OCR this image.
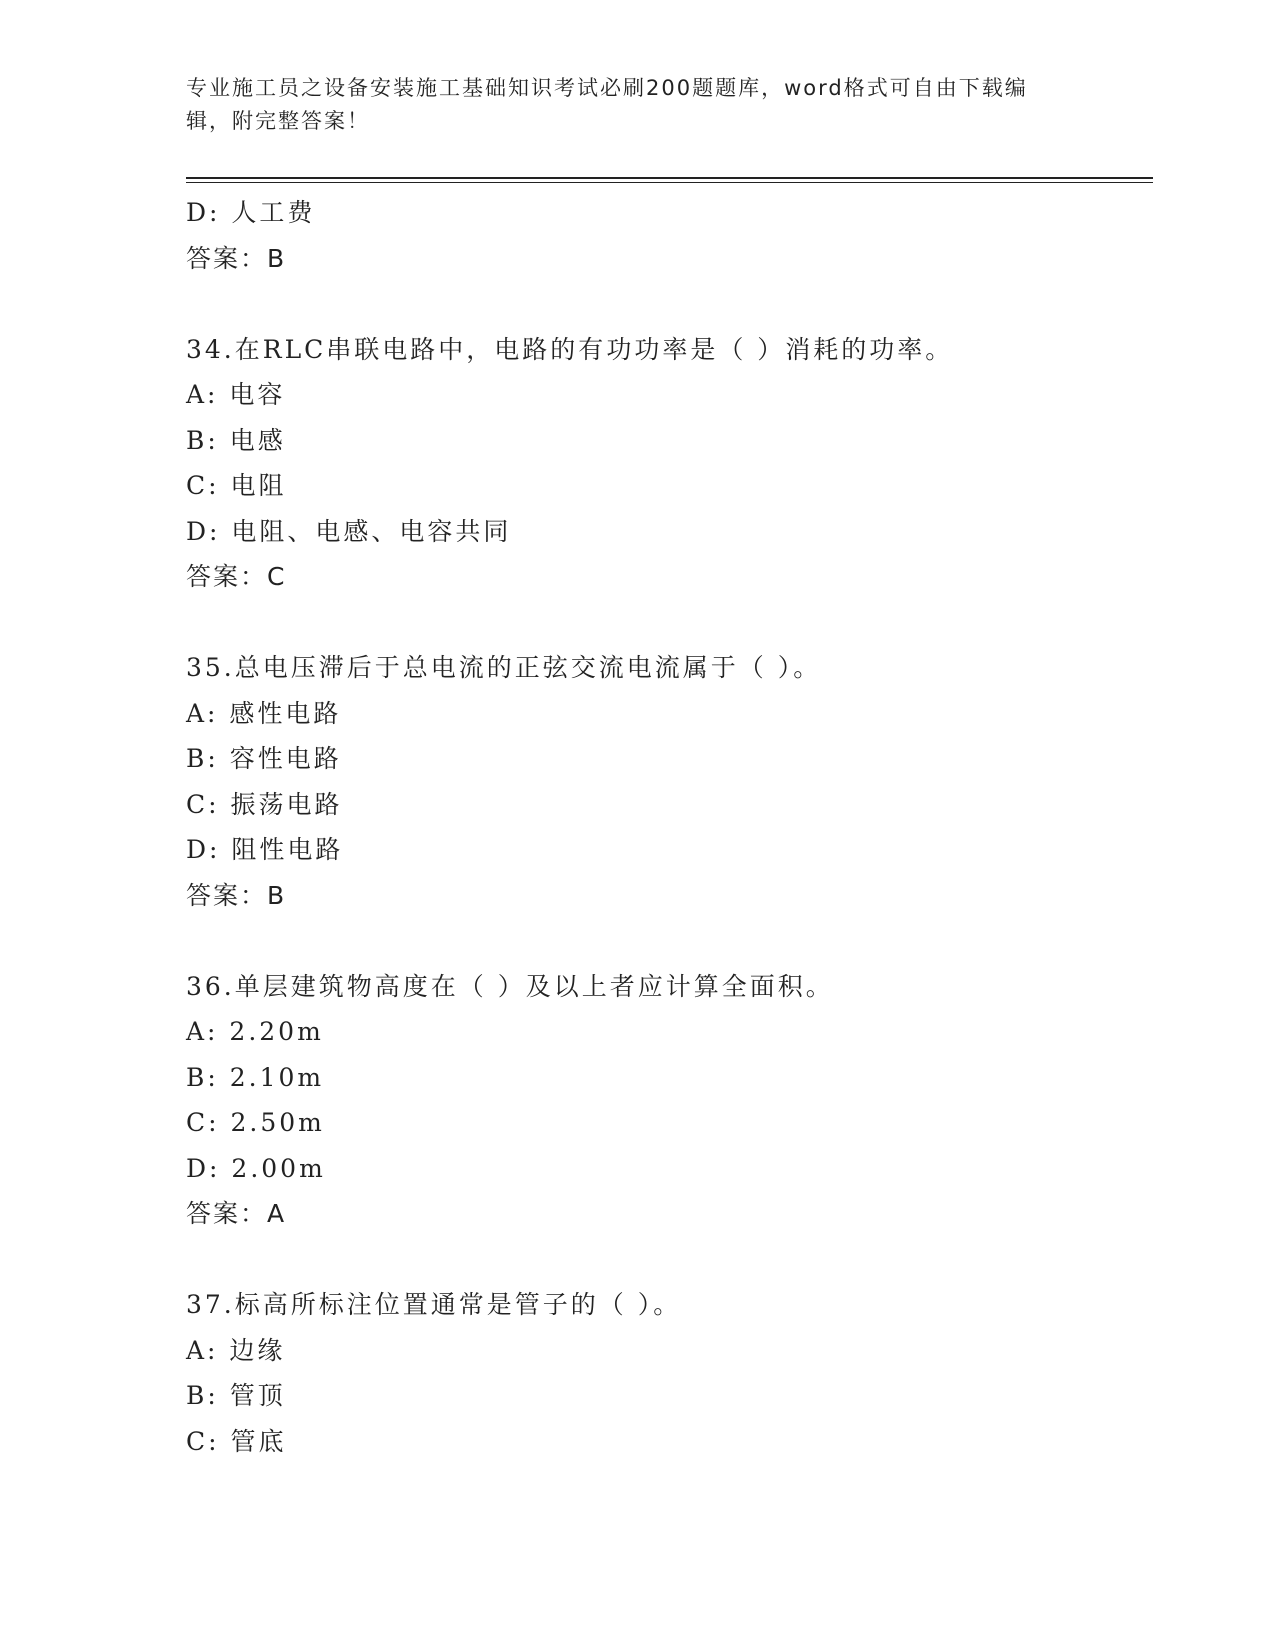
专业施工员之设备安装施工基础知识考试必刷200题题库，word格式可自由下载编辑，附完整答案！
D: 人工费
答案：B
34.在RLC串联电路中，电路的有功功率是（ ）消耗的功率。
A: 电容
B: 电感
C: 电阻
D: 电阻、电感、电容共同
答案：C
35.总电压滞后于总电流的正弦交流电流属于（ ）。
A: 感性电路
B: 容性电路
C: 振荡电路
D: 阻性电路
答案：B
36.单层建筑物高度在（ ）及以上者应计算全面积。
A: 2.20m
B: 2.10m
C: 2.50m
D: 2.00m
答案：A
37.标高所标注位置通常是管子的（ ）。
A: 边缘
B: 管顶
C: 管底
